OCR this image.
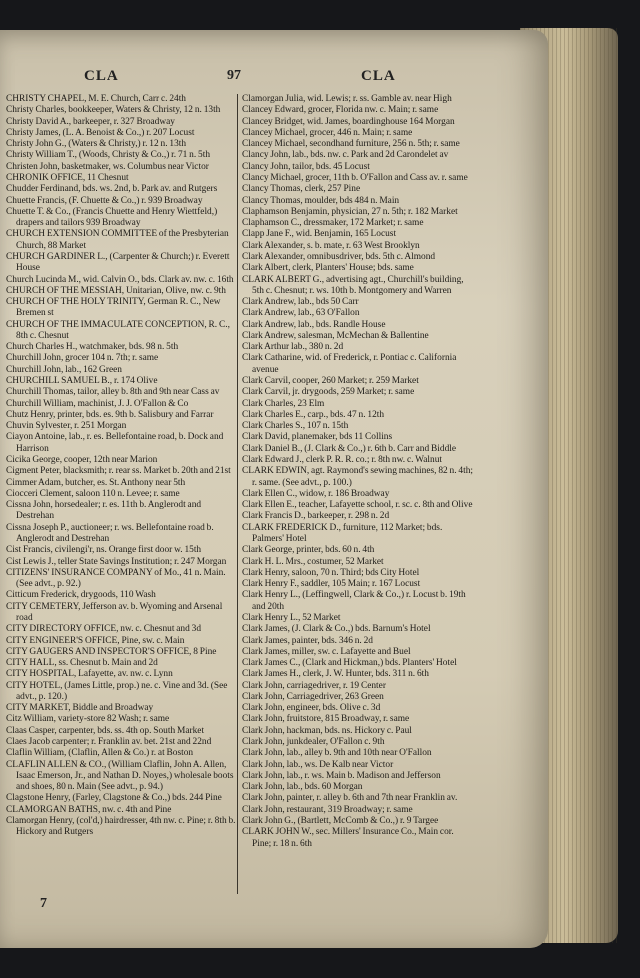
CLA	97	CLA
CHRISTY CHAPEL, M. E. Church, Carr c. 24th
Christy Charles, bookkeeper, Waters & Christy, 12 n. 13th
Christy David A., barkeeper, r. 327 Broadway
Christy James, (L. A. Benoist & Co.,) r. 207 Locust
Christy John G., (Waters & Christy,) r. 12 n. 13th
Christy William T., (Woods, Christy & Co.,) r. 71 n. 5th
Christen John, basketmaker, ws. Columbus near Victor
CHRONIK OFFICE, 11 Chesnut
Chudder Ferdinand, bds. ws. 2nd, b. Park av. and Rutgers
Chuette Francis, (F. Chuette & Co.,) r. 939 Broadway
Chuette T. & Co., (Francis Chuette and Henry Wiettfeld,) drapers and tailors 939 Broadway
CHURCH EXTENSION COMMITTEE of the Presbyterian Church, 88 Market
CHURCH GARDINER L., (Carpenter & Church;) r. Everett House
Church Lucinda M., wid. Calvin O., bds. Clark av. nw. c. 16th
CHURCH OF THE MESSIAH, Unitarian, Olive, nw. c. 9th
CHURCH OF THE HOLY TRINITY, German R. C., New Bremen st
CHURCH OF THE IMMACULATE CONCEPTION, R. C., 8th c. Chesnut
Church Charles H., watchmaker, bds. 98 n. 5th
Churchill John, grocer 104 n. 7th; r. same
Churchill John, lab., 162 Green
CHURCHILL SAMUEL B., r. 174 Olive
Churchill Thomas, tailor, alley b. 8th and 9th near Cass av
Churchill William, machinist, J. J. O'Fallon & Co
Chutz Henry, printer, bds. es. 9th b. Salisbury and Farrar
Chuvin Sylvester, r. 251 Morgan
Ciayon Antoine, lab., r. es. Bellefontaine road, b. Dock and Harrison
Cicika George, cooper, 12th near Marion
Cigment Peter, blacksmith; r. rear ss. Market b. 20th and 21st
Cimmer Adam, butcher, es. St. Anthony near 5th
Ciocceri Clement, saloon 110 n. Levee; r. same
Cissna John, horsedealer; r. es. 11th b. Anglerodt and Destrehan
Cissna Joseph P., auctioneer; r. ws. Bellefontaine road b. Anglerodt and Destrehan
Cist Francis, civilengi'r, ns. Orange first door w. 15th
Cist Lewis J., teller State Savings Institution; r. 247 Morgan
CITIZENS' INSURANCE COMPANY of Mo., 41 n. Main. (See advt., p. 92.)
Citticum Frederick, drygoods, 110 Wash
CITY CEMETERY, Jefferson av. b. Wyoming and Arsenal road
CITY DIRECTORY OFFICE, nw. c. Chesnut and 3d
CITY ENGINEER'S OFFICE, Pine, sw. c. Main
CITY GAUGERS AND INSPECTOR'S OFFICE, 8 Pine
CITY HALL, ss. Chesnut b. Main and 2d
CITY HOSPITAL, Lafayette, av. nw. c. Lynn
CITY HOTEL, (James Little, prop.) ne. c. Vine and 3d. (See advt., p. 120.)
CITY MARKET, Biddle and Broadway
Citz William, variety-store 82 Wash; r. same
Claas Casper, carpenter, bds. ss. 4th op. South Market
Claes Jacob carpenter; r. Franklin av. bet. 21st and 22nd
Claflin William, (Claflin, Allen & Co.) r. at Boston
CLAFLIN ALLEN & CO., (William Claflin, John A. Allen, Isaac Emerson, Jr., and Nathan D. Noyes,) wholesale boots and shoes, 80 n. Main (See advt., p. 94.)
Clagstone Henry, (Farley, Clagstone & Co.,) bds. 244 Pine
CLAMORGAN BATHS, nw. c. 4th and Pine
Clamorgan Henry, (col'd,) hairdresser, 4th nw. c. Pine; r. 8th b. Hickory and Rutgers
Clamorgan Julia, wid. Lewis; r. ss. Gamble av. near High
Clancey Edward, grocer, Florida nw. c. Main; r. same
Clancey Bridget, wid. James, boardinghouse 164 Morgan
Clancey Michael, grocer, 446 n. Main; r. same
Clancey Michael, secondhand furniture, 256 n. 5th; r. same
Clancy John, lab., bds. nw. c. Park and 2d Carondelet av
Clancy John, tailor, bds. 45 Locust
Clancy Michael, grocer, 11th b. O'Fallon and Cass av. r. same
Clancy Thomas, clerk, 257 Pine
Clancy Thomas, moulder, bds 484 n. Main
Claphamson Benjamin, physician, 27 n. 5th; r. 182 Market
Claphamson C., dressmaker, 172 Market; r. same
Clapp Jane F., wid. Benjamin, 165 Locust
Clark Alexander, s. b. mate, r. 63 West Brooklyn
Clark Alexander, omnibusdriver, bds. 5th c. Almond
Clark Albert, clerk, Planters' House; bds. same
CLARK ALBERT G., advertising agt., Churchill's building, 5th c. Chesnut; r. ws. 10th b. Montgomery and Warren
Clark Andrew, lab., bds 50 Carr
Clark Andrew, lab., 63 O'Fallon
Clark Andrew, lab., bds. Randle House
Clark Andrew, salesman, McMechan & Ballentine
Clark Arthur lab., 380 n. 2d
Clark Catharine, wid. of Frederick, r. Pontiac c. California avenue
Clark Carvil, cooper, 260 Market; r. 259 Market
Clark Carvil, jr. drygoods, 259 Market; r. same
Clark Charles, 23 Elm
Clark Charles E., carp., bds. 47 n. 12th
Clark Charles S., 107 n. 15th
Clark David, planemaker, bds 11 Collins
Clark Daniel B., (J. Clark & Co.,) r. 6th b. Carr and Biddle
Clark Edward J., clerk P. R. R. co.; r. 8th nw. c. Walnut
CLARK EDWIN, agt. Raymond's sewing machines, 82 n. 4th; r. same. (See advt., p. 100.)
Clark Ellen C., widow, r. 186 Broadway
Clark Ellen E., teacher, Lafayette school, r. sc. c. 8th and Olive
Clark Francis D., barkeeper, r. 298 n. 2d
CLARK FREDERICK D., furniture, 112 Market; bds. Palmers' Hotel
Clark George, printer, bds. 60 n. 4th
Clark H. L. Mrs., costumer, 52 Market
Clark Henry, saloon, 70 n. Third; bds City Hotel
Clark Henry F., saddler, 105 Main; r. 167 Locust
Clark Henry L., (Leffingwell, Clark & Co.,) r. Locust b. 19th and 20th
Clark Henry L., 52 Market
Clark James, (J. Clark & Co.,) bds. Barnum's Hotel
Clark James, painter, bds. 346 n. 2d
Clark James, miller, sw. c. Lafayette and Buel
Clark James C., (Clark and Hickman,) bds. Planters' Hotel
Clark James H., clerk, J. W. Hunter, bds. 311 n. 6th
Clark John, carriagedriver, r. 19 Center
Clark John, Carriagedriver, 263 Green
Clark John, engineer, bds. Olive c. 3d
Clark John, fruitstore, 815 Broadway, r. same
Clark John, hackman, bds. ns. Hickory c. Paul
Clark John, junkdealer, O'Fallon c. 9th
Clark John, lab., alley b. 9th and 10th near O'Fallon
Clark John, lab., ws. De Kalb near Victor
Clark John, lab., r. ws. Main b. Madison and Jefferson
Clark John, lab., bds. 60 Morgan
Clark John, painter, r. alley b. 6th and 7th near Franklin av.
Clark John, restaurant, 319 Broadway; r. same
Clark John G., (Bartlett, McComb & Co.,) r. 9 Targee
CLARK JOHN W., sec. Millers' Insurance Co., Main cor. Pine; r. 18 n. 6th
7
